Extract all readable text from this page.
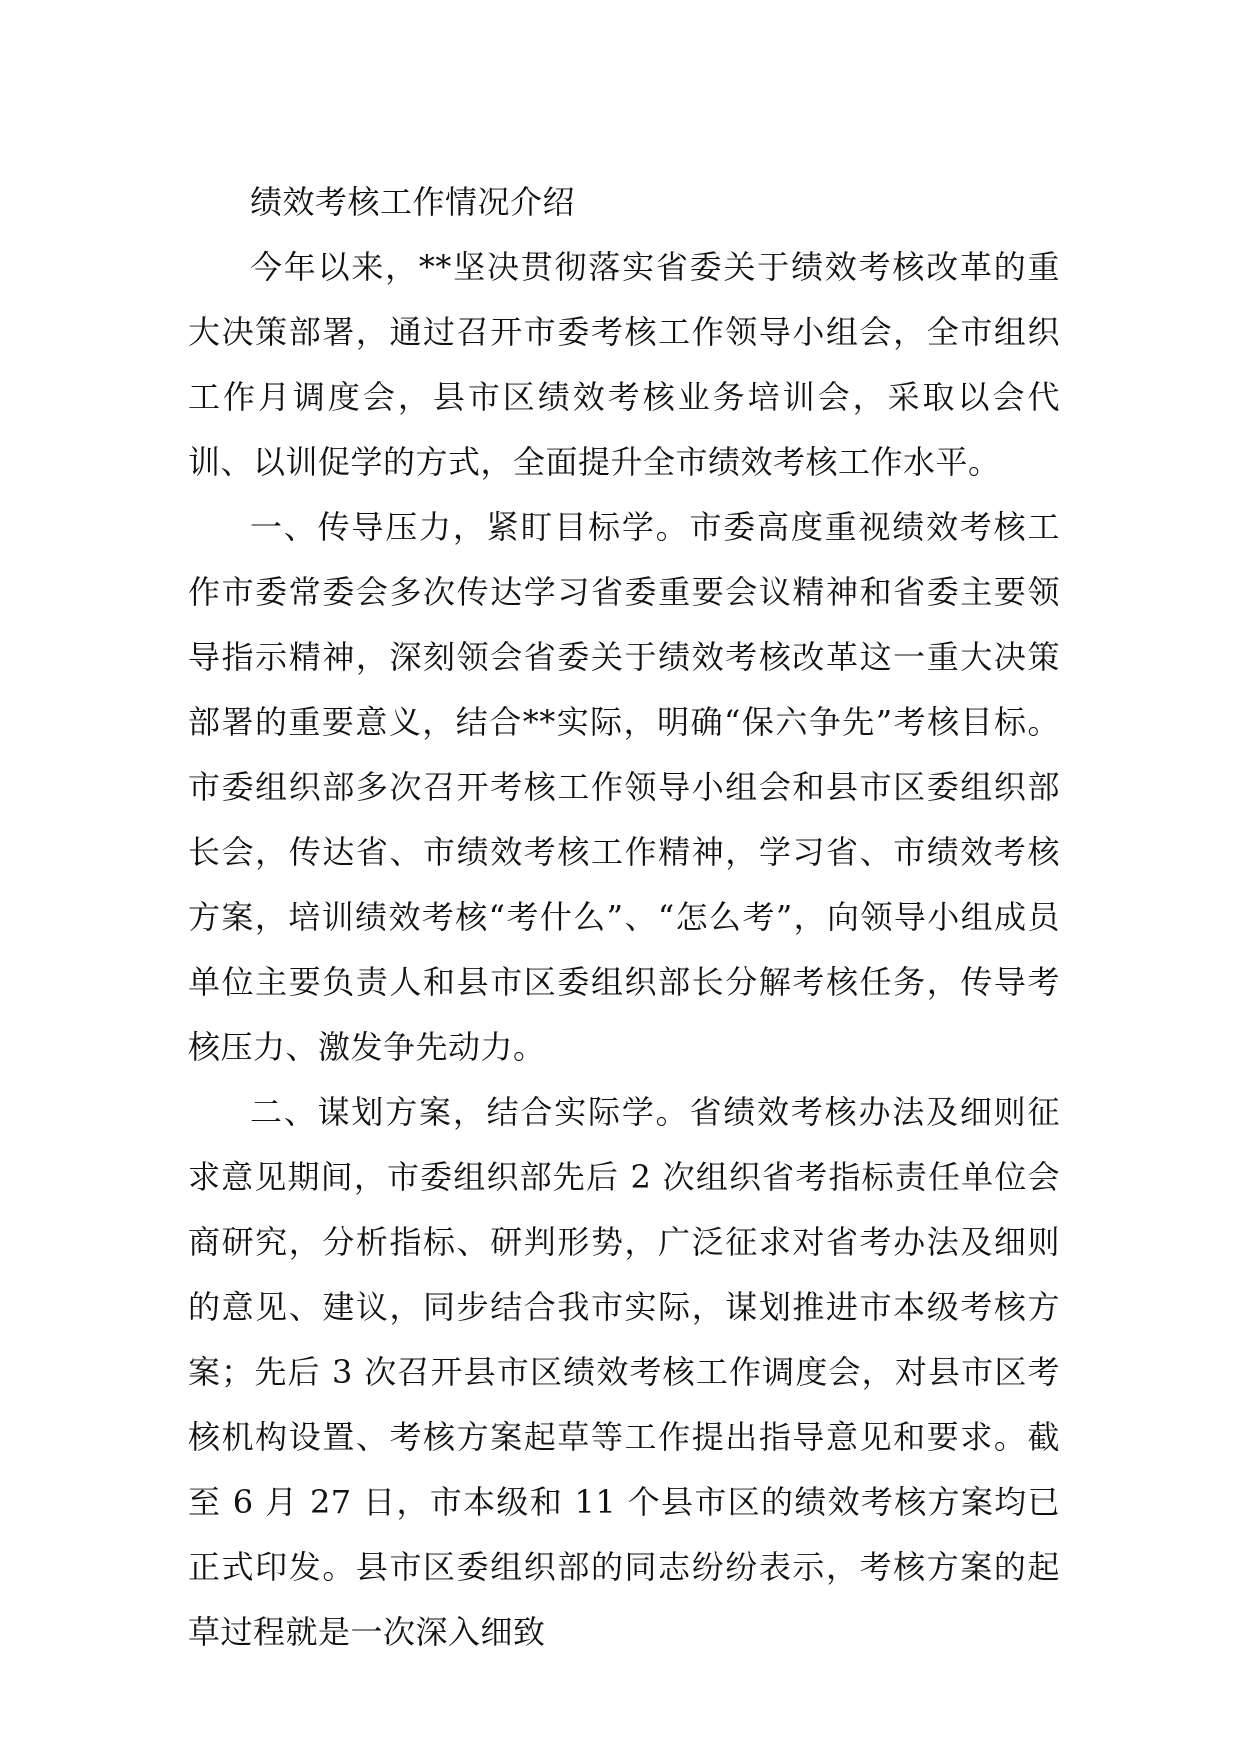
绩效考核工作情况介绍

今年以来，**坚决贯彻落实省委关于绩效考核改革的重大决策部署，通过召开市委考核工作领导小组会，全市组织工作月调度会，县市区绩效考核业务培训会，采取以会代训、以训促学的方式，全面提升全市绩效考核工作水平。

一、传导压力，紧盯目标学。市委高度重视绩效考核工作市委常委会多次传达学习省委重要会议精神和省委主要领导指示精神，深刻领会省委关于绩效考核改革这一重大决策部署的重要意义，结合**实际，明确“保六争先”考核目标。市委组织部多次召开考核工作领导小组会和县市区委组织部长会，传达省、市绩效考核工作精神，学习省、市绩效考核方案，培训绩效考核“考什么”、“怎么考”，向领导小组成员单位主要负责人和县市区委组织部长分解考核任务，传导考核压力、激发争先动力。

二、谋划方案，结合实际学。省绩效考核办法及细则征求意见期间，市委组织部先后 2 次组织省考指标责任单位会商研究，分析指标、研判形势，广泛征求对省考办法及细则的意见、建议，同步结合我市实际，谋划推进市本级考核方案；先后 3 次召开县市区绩效考核工作调度会，对县市区考核机构设置、考核方案起草等工作提出指导意见和要求。截至 6 月 27 日，市本级和 11 个县市区的绩效考核方案均已正式印发。县市区委组织部的同志纷纷表示，考核方案的起草过程就是一次深入细致
